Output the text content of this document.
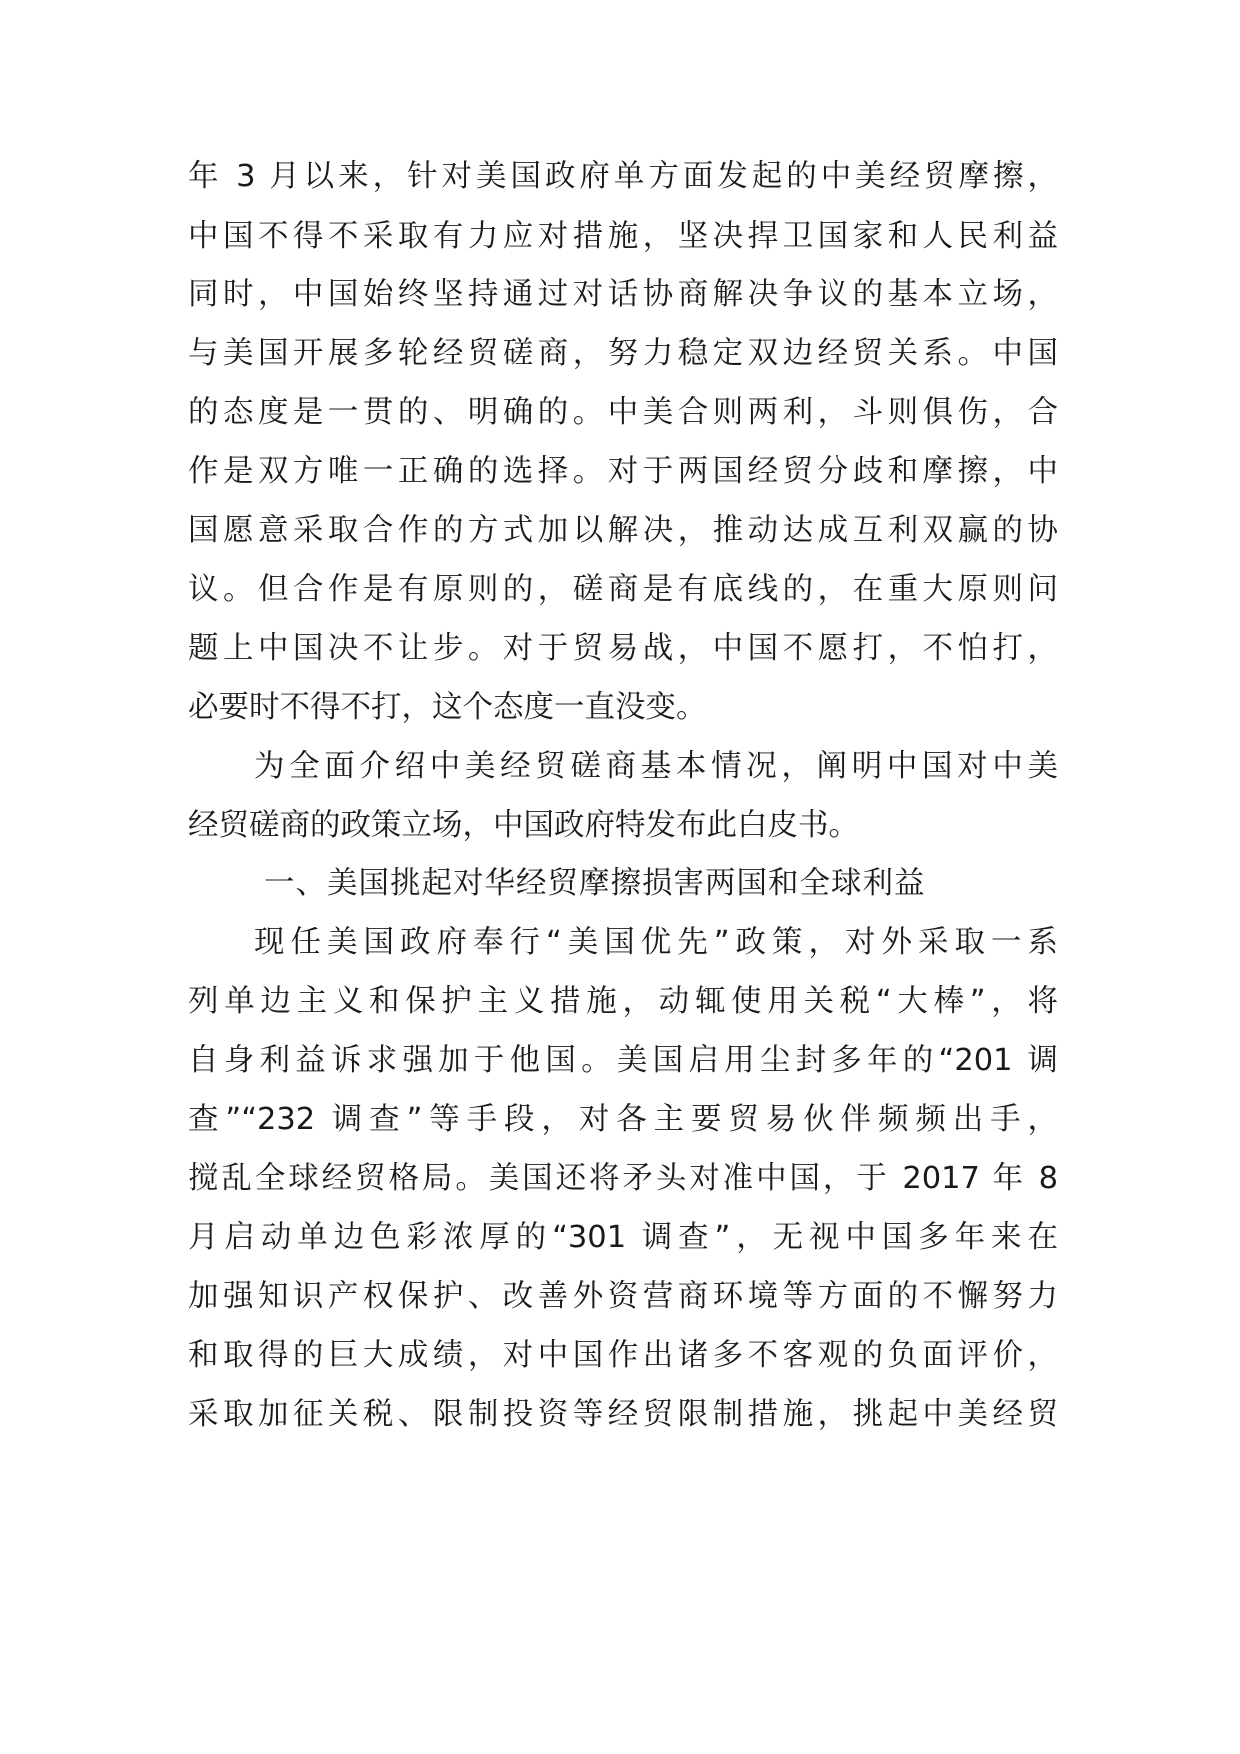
年 3 月以来，针对美国政府单方面发起的中美经贸摩擦，
中国不得不采取有力应对措施，坚决捍卫国家和人民利益
同时，中国始终坚持通过对话协商解决争议的基本立场，
与美国开展多轮经贸磋商，努力稳定双边经贸关系。中国
的态度是一贯的、明确的。中美合则两利，斗则俱伤，合
作是双方唯一正确的选择。对于两国经贸分歧和摩擦，中
国愿意采取合作的方式加以解决，推动达成互利双赢的协
议。但合作是有原则的，磋商是有底线的，在重大原则问
题上中国决不让步。对于贸易战，中国不愿打，不怕打，
必要时不得不打，这个态度一直没变。
为全面介绍中美经贸磋商基本情况，阐明中国对中美
经贸磋商的政策立场，中国政府特发布此白皮书。
一、美国挑起对华经贸摩擦损害两国和全球利益
现任美国政府奉行“美国优先”政策，对外采取一系
列单边主义和保护主义措施，动辄使用关税“大棒”，将
自身利益诉求强加于他国。美国启用尘封多年的“201 调
查”“232 调查”等手段，对各主要贸易伙伴频频出手，
搅乱全球经贸格局。美国还将矛头对准中国，于 2017 年 8
月启动单边色彩浓厚的“301 调查”，无视中国多年来在
加强知识产权保护、改善外资营商环境等方面的不懈努力
和取得的巨大成绩，对中国作出诸多不客观的负面评价，
采取加征关税、限制投资等经贸限制措施，挑起中美经贸
